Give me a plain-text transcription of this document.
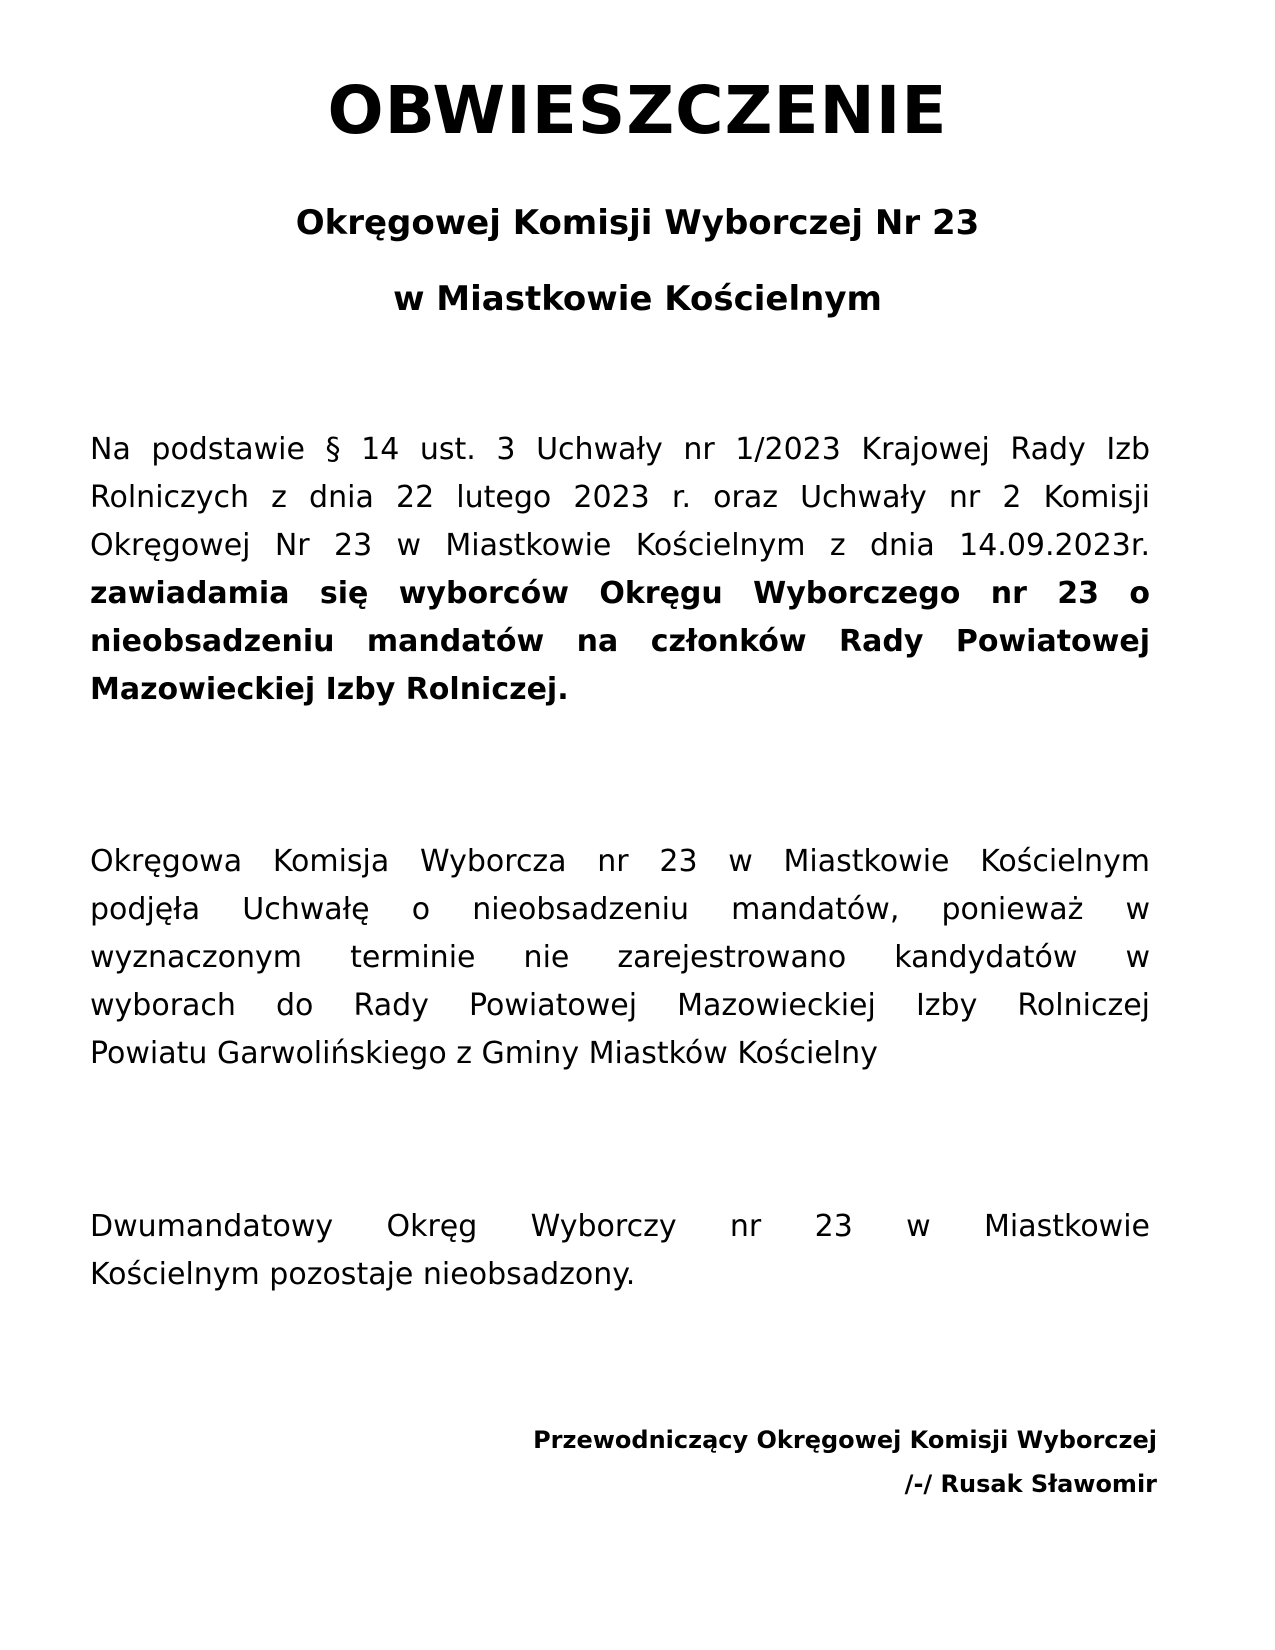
OBWIESZCZENIE
Okręgowej Komisji Wyborczej Nr 23
w Miastkowie Kościelnym
Na podstawie § 14 ust. 3 Uchwały nr 1/2023 Krajowej Rady Izb
Rolniczych z dnia 22 lutego 2023 r. oraz Uchwały nr 2 Komisji
Okręgowej Nr 23 w Miastkowie Kościelnym z dnia 14.09.2023r.
zawiadamia się wyborców Okręgu Wyborczego nr 23 o
nieobsadzeniu mandatów na członków Rady Powiatowej
Mazowieckiej Izby Rolniczej.
Okręgowa Komisja Wyborcza nr 23 w Miastkowie Kościelnym
podjęła Uchwałę o nieobsadzeniu mandatów, ponieważ w
wyznaczonym terminie nie zarejestrowano kandydatów w
wyborach do Rady Powiatowej Mazowieckiej Izby Rolniczej
Powiatu Garwolińskiego z Gminy Miastków Kościelny
Dwumandatowy Okręg Wyborczy nr 23 w Miastkowie
Kościelnym pozostaje nieobsadzony.
Przewodniczący Okręgowej Komisji Wyborczej
/-/ Rusak Sławomir
